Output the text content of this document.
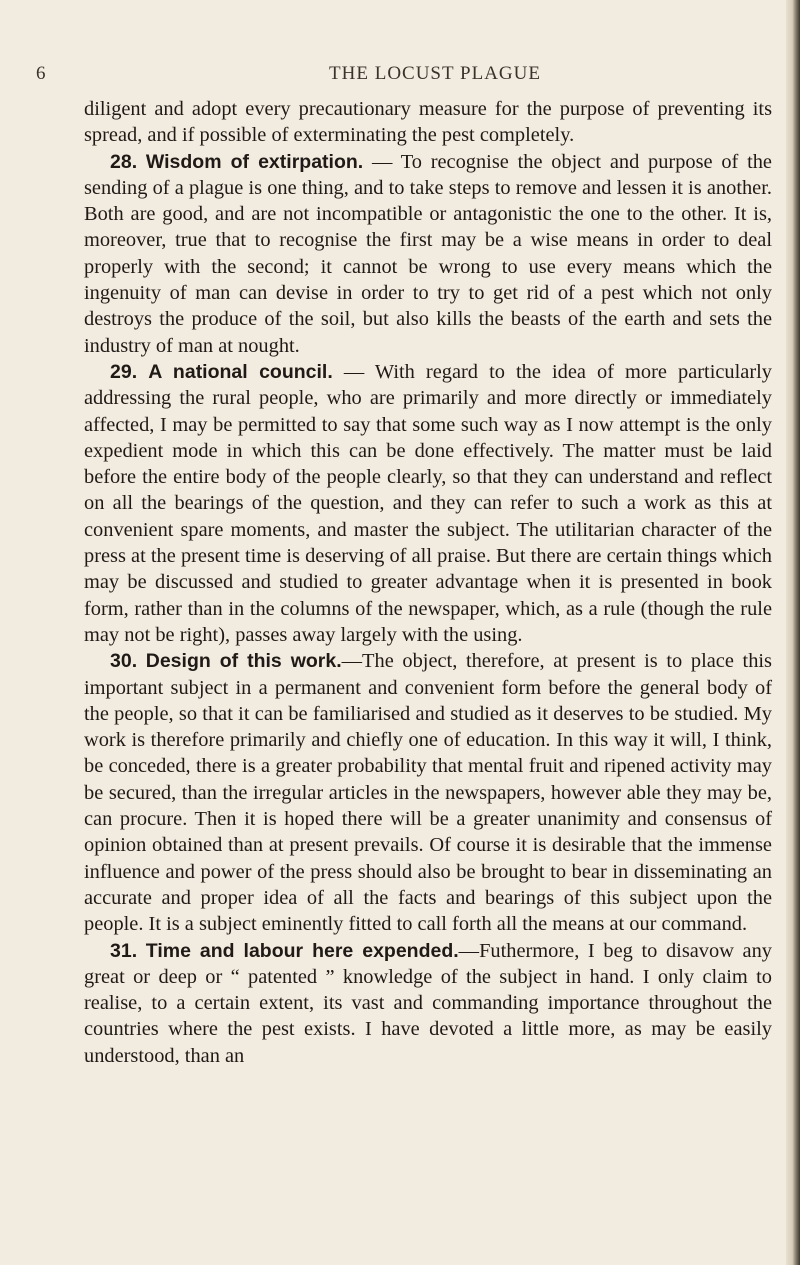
6	THE LOCUST PLAGUE

diligent and adopt every precautionary measure for the purpose of preventing its spread, and if possible of exterminating the pest completely.

28. Wisdom of extirpation. — To recognise the object and purpose of the sending of a plague is one thing, and to take steps to remove and lessen it is another. Both are good, and are not incompatible or antagonistic the one to the other. It is, moreover, true that to recognise the first may be a wise means in order to deal properly with the second; it cannot be wrong to use every means which the ingenuity of man can devise in order to try to get rid of a pest which not only destroys the produce of the soil, but also kills the beasts of the earth and sets the industry of man at nought.

29. A national council. — With regard to the idea of more particularly addressing the rural people, who are primarily and more directly or immediately affected, I may be permitted to say that some such way as I now attempt is the only expedient mode in which this can be done effectively. The matter must be laid before the entire body of the people clearly, so that they can understand and reflect on all the bearings of the question, and they can refer to such a work as this at convenient spare moments, and master the subject. The utilitarian character of the press at the present time is deserving of all praise. But there are certain things which may be discussed and studied to greater advantage when it is presented in book form, rather than in the columns of the newspaper, which, as a rule (though the rule may not be right), passes away largely with the using.

30. Design of this work.—The object, therefore, at present is to place this important subject in a permanent and convenient form before the general body of the people, so that it can be familiarised and studied as it deserves to be studied. My work is therefore primarily and chiefly one of education. In this way it will, I think, be conceded, there is a greater probability that mental fruit and ripened activity may be secured, than the irregular articles in the newspapers, however able they may be, can procure. Then it is hoped there will be a greater unanimity and consensus of opinion obtained than at present prevails. Of course it is desirable that the immense influence and power of the press should also be brought to bear in disseminating an accurate and proper idea of all the facts and bearings of this subject upon the people. It is a subject eminently fitted to call forth all the means at our command.

31. Time and labour here expended.—Futhermore, I beg to disavow any great or deep or “ patented ” knowledge of the subject in hand. I only claim to realise, to a certain extent, its vast and commanding importance throughout the countries where the pest exists. I have devoted a little more, as may be easily understood, than an
